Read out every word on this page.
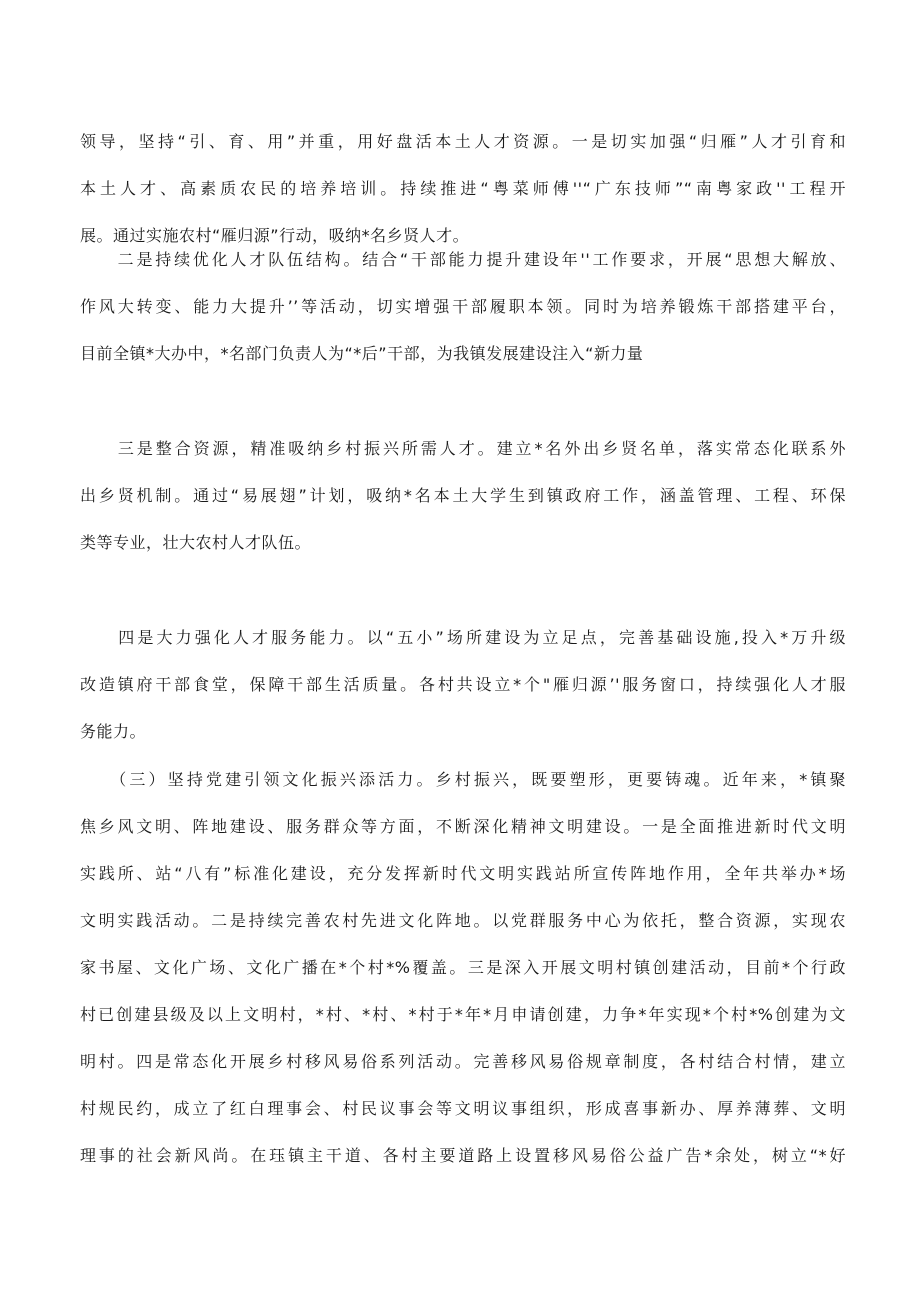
领导，坚持“引、育、用”并重，用好盘活本土人才资源。一是切实加强“归雁”人才引育和
本土人才、高素质农民的培养培训。持续推进“粤菜师傅''“广东技师”“南粤家政''工程开
展。通过实施农村“雁归源”行动，吸纳*名乡贤人才。
　　二是持续优化人才队伍结构。结合“干部能力提升建设年''工作要求，开展“思想大解放、
作风大转变、能力大提升’’等活动，切实增强干部履职本领。同时为培养锻炼干部搭建平台，
目前全镇*大办中，*名部门负责人为“*后”干部，为我镇发展建设注入“新力量
　　三是整合资源，精准吸纳乡村振兴所需人才。建立*名外出乡贤名单，落实常态化联系外
出乡贤机制。通过“易展翅”计划，吸纳*名本土大学生到镇政府工作，涵盖管理、工程、环保
类等专业，壮大农村人才队伍。
　　四是大力强化人才服务能力。以“五小”场所建设为立足点，完善基础设施,投入*万升级
改造镇府干部食堂，保障干部生活质量。各村共设立*个"雁归源’'服务窗口，持续强化人才服
务能力。
　　（三）坚持党建引领文化振兴添活力。乡村振兴，既要塑形，更要铸魂。近年来，*镇聚
焦乡风文明、阵地建设、服务群众等方面，不断深化精神文明建设。一是全面推进新时代文明
实践所、站“八有”标准化建设，充分发挥新时代文明实践站所宣传阵地作用，全年共举办*场
文明实践活动。二是持续完善农村先进文化阵地。以党群服务中心为依托，整合资源，实现农
家书屋、文化广场、文化广播在*个村*%覆盖。三是深入开展文明村镇创建活动，目前*个行政
村已创建县级及以上文明村，*村、*村、*村于*年*月申请创建，力争*年实现*个村*%创建为文
明村。四是常态化开展乡村移风易俗系列活动。完善移风易俗规章制度，各村结合村情，建立
村规民约，成立了红白理事会、村民议事会等文明议事组织，形成喜事新办、厚养薄葬、文明
理事的社会新风尚。在珏镇主干道、各村主要道路上设置移风易俗公益广告*余处，树立“*好
